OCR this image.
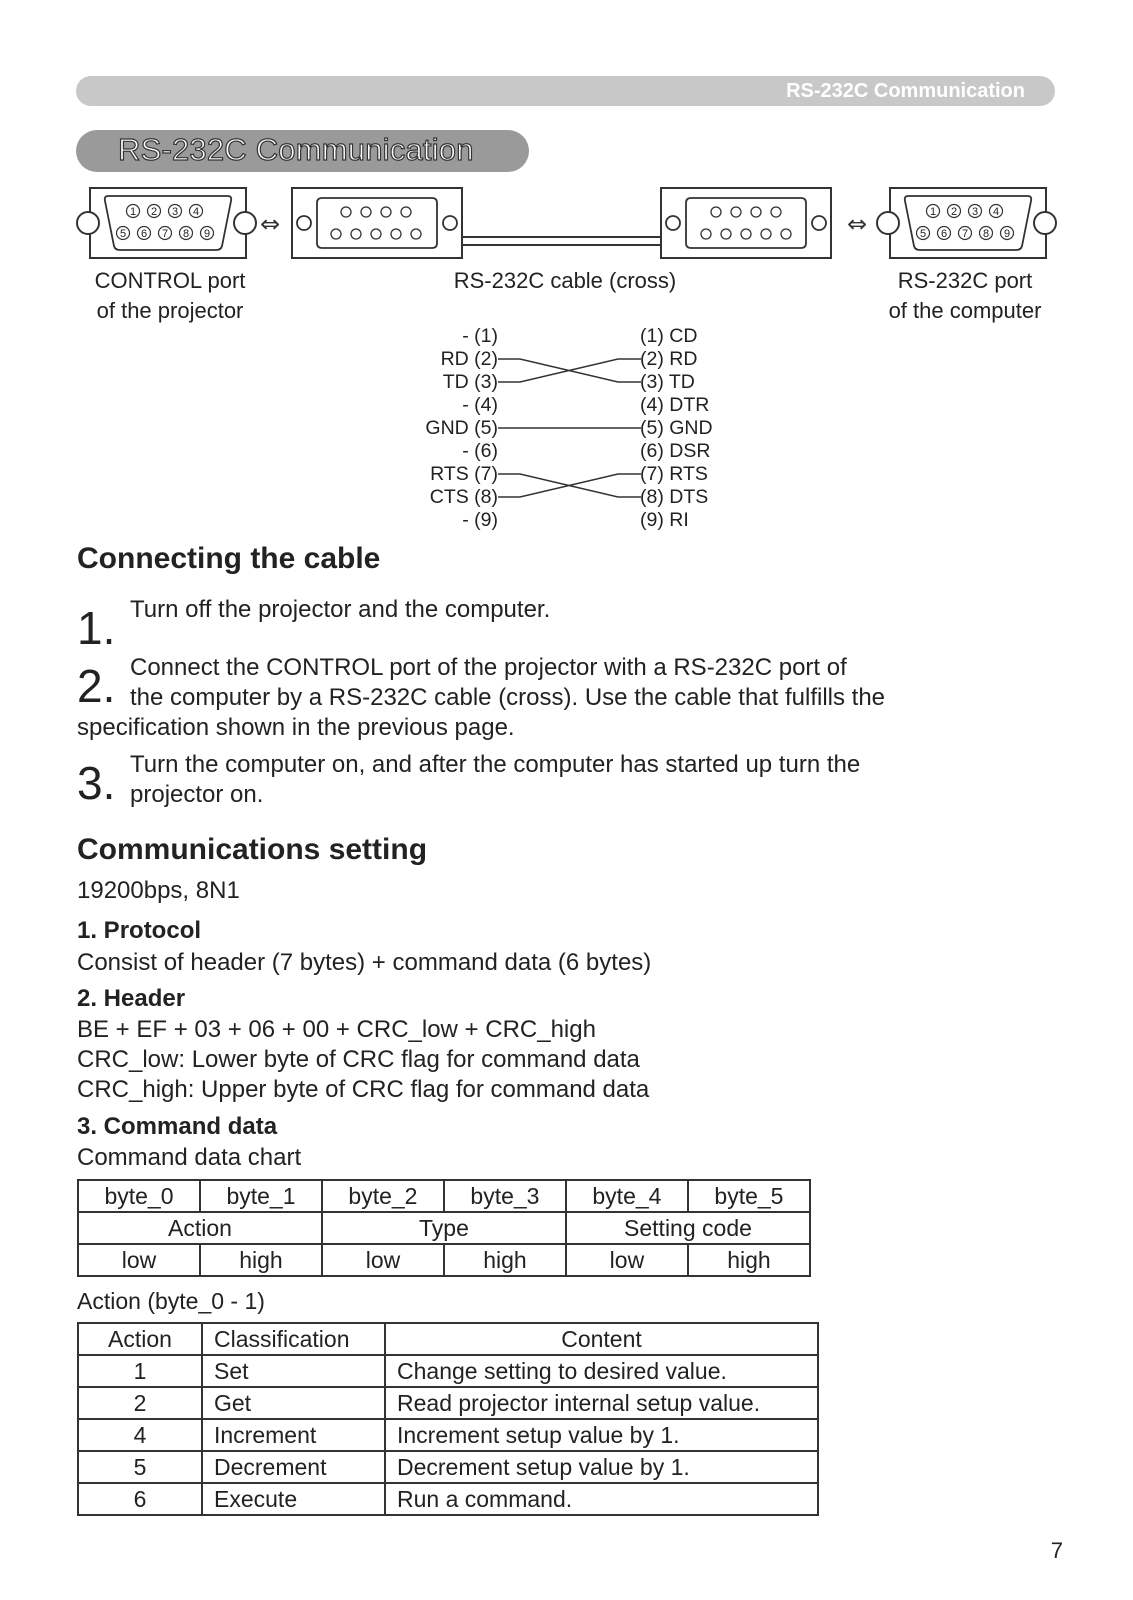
RS-232C Communication
RS-232C Communication
1 2 3 4
5 6 7 8 9 ⇔	⇔	1 2 3 4
5 6 7 8 9
CONTROL port
of the projector
RS-232C cable (cross)	RS-232C port
of the computer
- (1)
RD (2)
TD (3)
- (4)
GND (5)
- (6)
RTS (7)
CTS (8)
- (9)
(1) CD
(2) RD
(3) TD
(4) DTR
(5) GND
(6) DSR
(7) RTS
(8) DTS
(9) RI
Connecting the cable
1. Turn off the projector and the computer.
2. Connect the CONTROL port of the projector with a RS-232C port of
the computer by a RS-232C cable (cross). Use the cable that fulfills the
specification shown in the previous page.
3. Turn the computer on, and after the computer has started up turn the
projector on.
Communications setting
19200bps, 8N1
1. Protocol
Consist of header (7 bytes) + command data (6 bytes)
2. Header
BE + EF + 03 + 06 + 00 + CRC_low + CRC_high
CRC_low: Lower byte of CRC flag for command data
CRC_high: Upper byte of CRC flag for command data
3. Command data
Command data chart
byte_0	byte_1	byte_2	byte_3	byte_4	byte_5
Action		Type		Setting code	
low	high	low	high	low	high
Action (byte_0 - 1)
Action	Classification	Content
1	Set	Change setting to desired value.
2	Get	Read projector internal setup value.
4	Increment	Increment setup value by 1.
5	Decrement	Decrement setup value by 1.
6	Execute	Run a command.
7
